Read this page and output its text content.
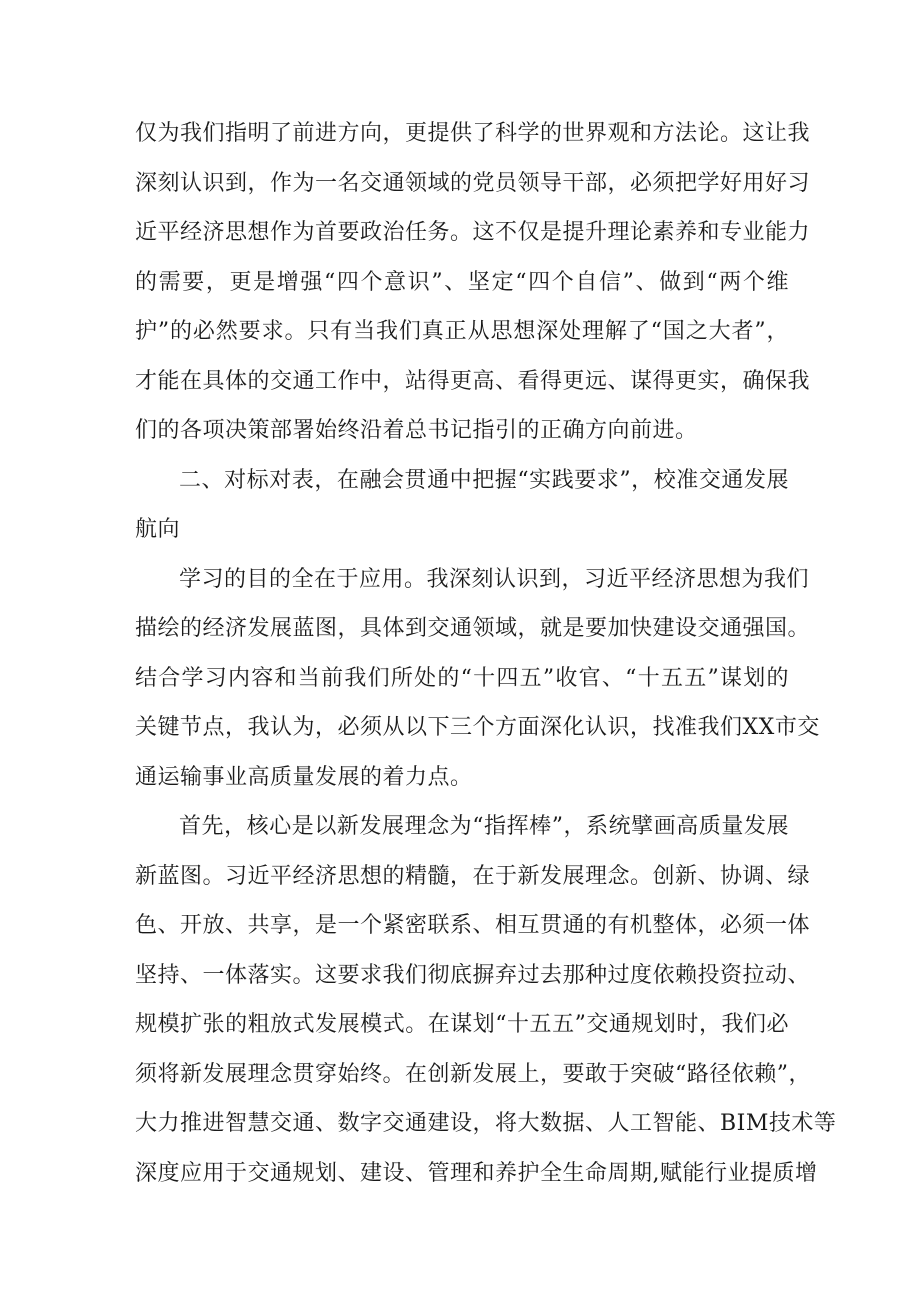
仅为我们指明了前进方向，更提供了科学的世界观和方法论。这让我
深刻认识到，作为一名交通领域的党员领导干部，必须把学好用好习
近平经济思想作为首要政治任务。这不仅是提升理论素养和专业能力
的需要，更是增强“四个意识”、坚定“四个自信”、做到“两个维
护”的必然要求。只有当我们真正从思想深处理解了“国之大者”，
才能在具体的交通工作中，站得更高、看得更远、谋得更实，确保我
们的各项决策部署始终沿着总书记指引的正确方向前进。
二、对标对表，在融会贯通中把握“实践要求”，校准交通发展
航向
学习的目的全在于应用。我深刻认识到，习近平经济思想为我们
描绘的经济发展蓝图，具体到交通领域，就是要加快建设交通强国。
结合学习内容和当前我们所处的“十四五”收官、“十五五”谋划的
关键节点，我认为，必须从以下三个方面深化认识，找准我们XX市交
通运输事业高质量发展的着力点。
首先，核心是以新发展理念为“指挥棒”，系统擘画高质量发展
新蓝图。习近平经济思想的精髓，在于新发展理念。创新、协调、绿
色、开放、共享，是一个紧密联系、相互贯通的有机整体，必须一体
坚持、一体落实。这要求我们彻底摒弃过去那种过度依赖投资拉动、
规模扩张的粗放式发展模式。在谋划“十五五”交通规划时，我们必
须将新发展理念贯穿始终。在创新发展上，要敢于突破“路径依赖”，
大力推进智慧交通、数字交通建设，将大数据、人工智能、BIM技术等
深度应用于交通规划、建设、管理和养护全生命周期,赋能行业提质增
